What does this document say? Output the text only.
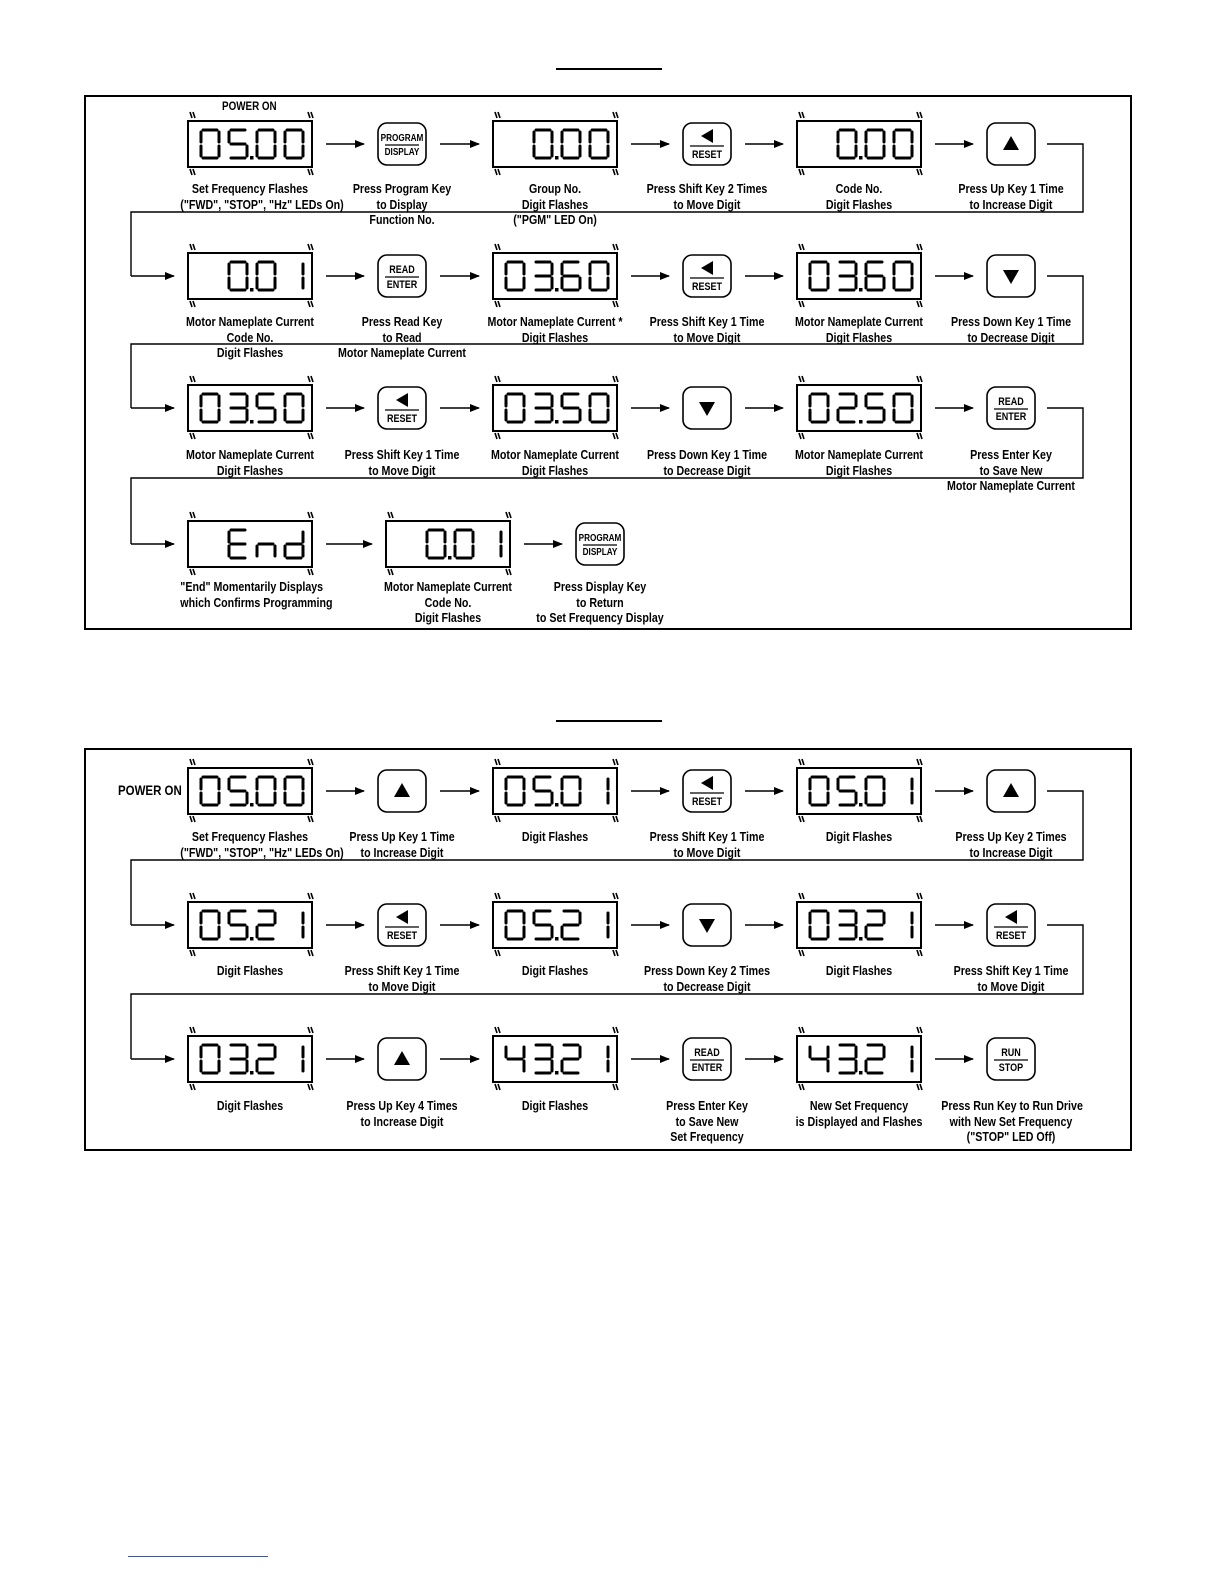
PROGRAM
DISPLAY	RESET
READ
ENTER	RESET
RESET
READ
ENTER
PROGRAM
DISPLAY
RESET
RESET	RESET
READ
ENTER
RUN
STOP
Set Frequency Flashes
("FWD", "STOP", "Hz" LEDs On)
Press Program Key
to Display
Function No.
Group No.
Digit Flashes
("PGM" LED On)
Press Shift Key 2 Times
to Move Digit
Code No.
Digit Flashes
Press Up Key 1 Time
to Increase Digit
Motor Nameplate Current
Code No.
Digit Flashes
Press Read Key
to Read
Motor Nameplate Current
Motor Nameplate Current *
Digit Flashes
Press Shift Key 1 Time
to Move Digit
Motor Nameplate Current
Digit Flashes
Press Down Key 1 Time
to Decrease Digit
Motor Nameplate Current
Digit Flashes
Press Shift Key 1 Time
to Move Digit
Motor Nameplate Current
Digit Flashes
Press Down Key 1 Time
to Decrease Digit
Motor Nameplate Current
Digit Flashes
Press Enter Key
to Save New
Motor Nameplate Current
"End" Momentarily Displays
which Confirms Programming
Motor Nameplate Current
Code No.
Digit Flashes
Press Display Key
to Return
to Set Frequency Display
Set Frequency Flashes
("FWD", "STOP", "Hz" LEDs On)
Press Up Key 1 Time
to Increase Digit
Digit Flashes	Press Shift Key 1 Time
to Move Digit
Digit Flashes	Press Up Key 2 Times
to Increase Digit
Digit Flashes	Press Shift Key 1 Time
to Move Digit
Digit Flashes	Press Down Key 2 Times
to Decrease Digit
Digit Flashes	Press Shift Key 1 Time
to Move Digit
Digit Flashes	Press Up Key 4 Times
to Increase Digit
Digit Flashes	Press Enter Key
to Save New
Set Frequency
New Set Frequency
is Displayed and Flashes
Press Run Key to Run Drive
with New Set Frequency
("STOP" LED Off)
POWER ON
POWER ON
